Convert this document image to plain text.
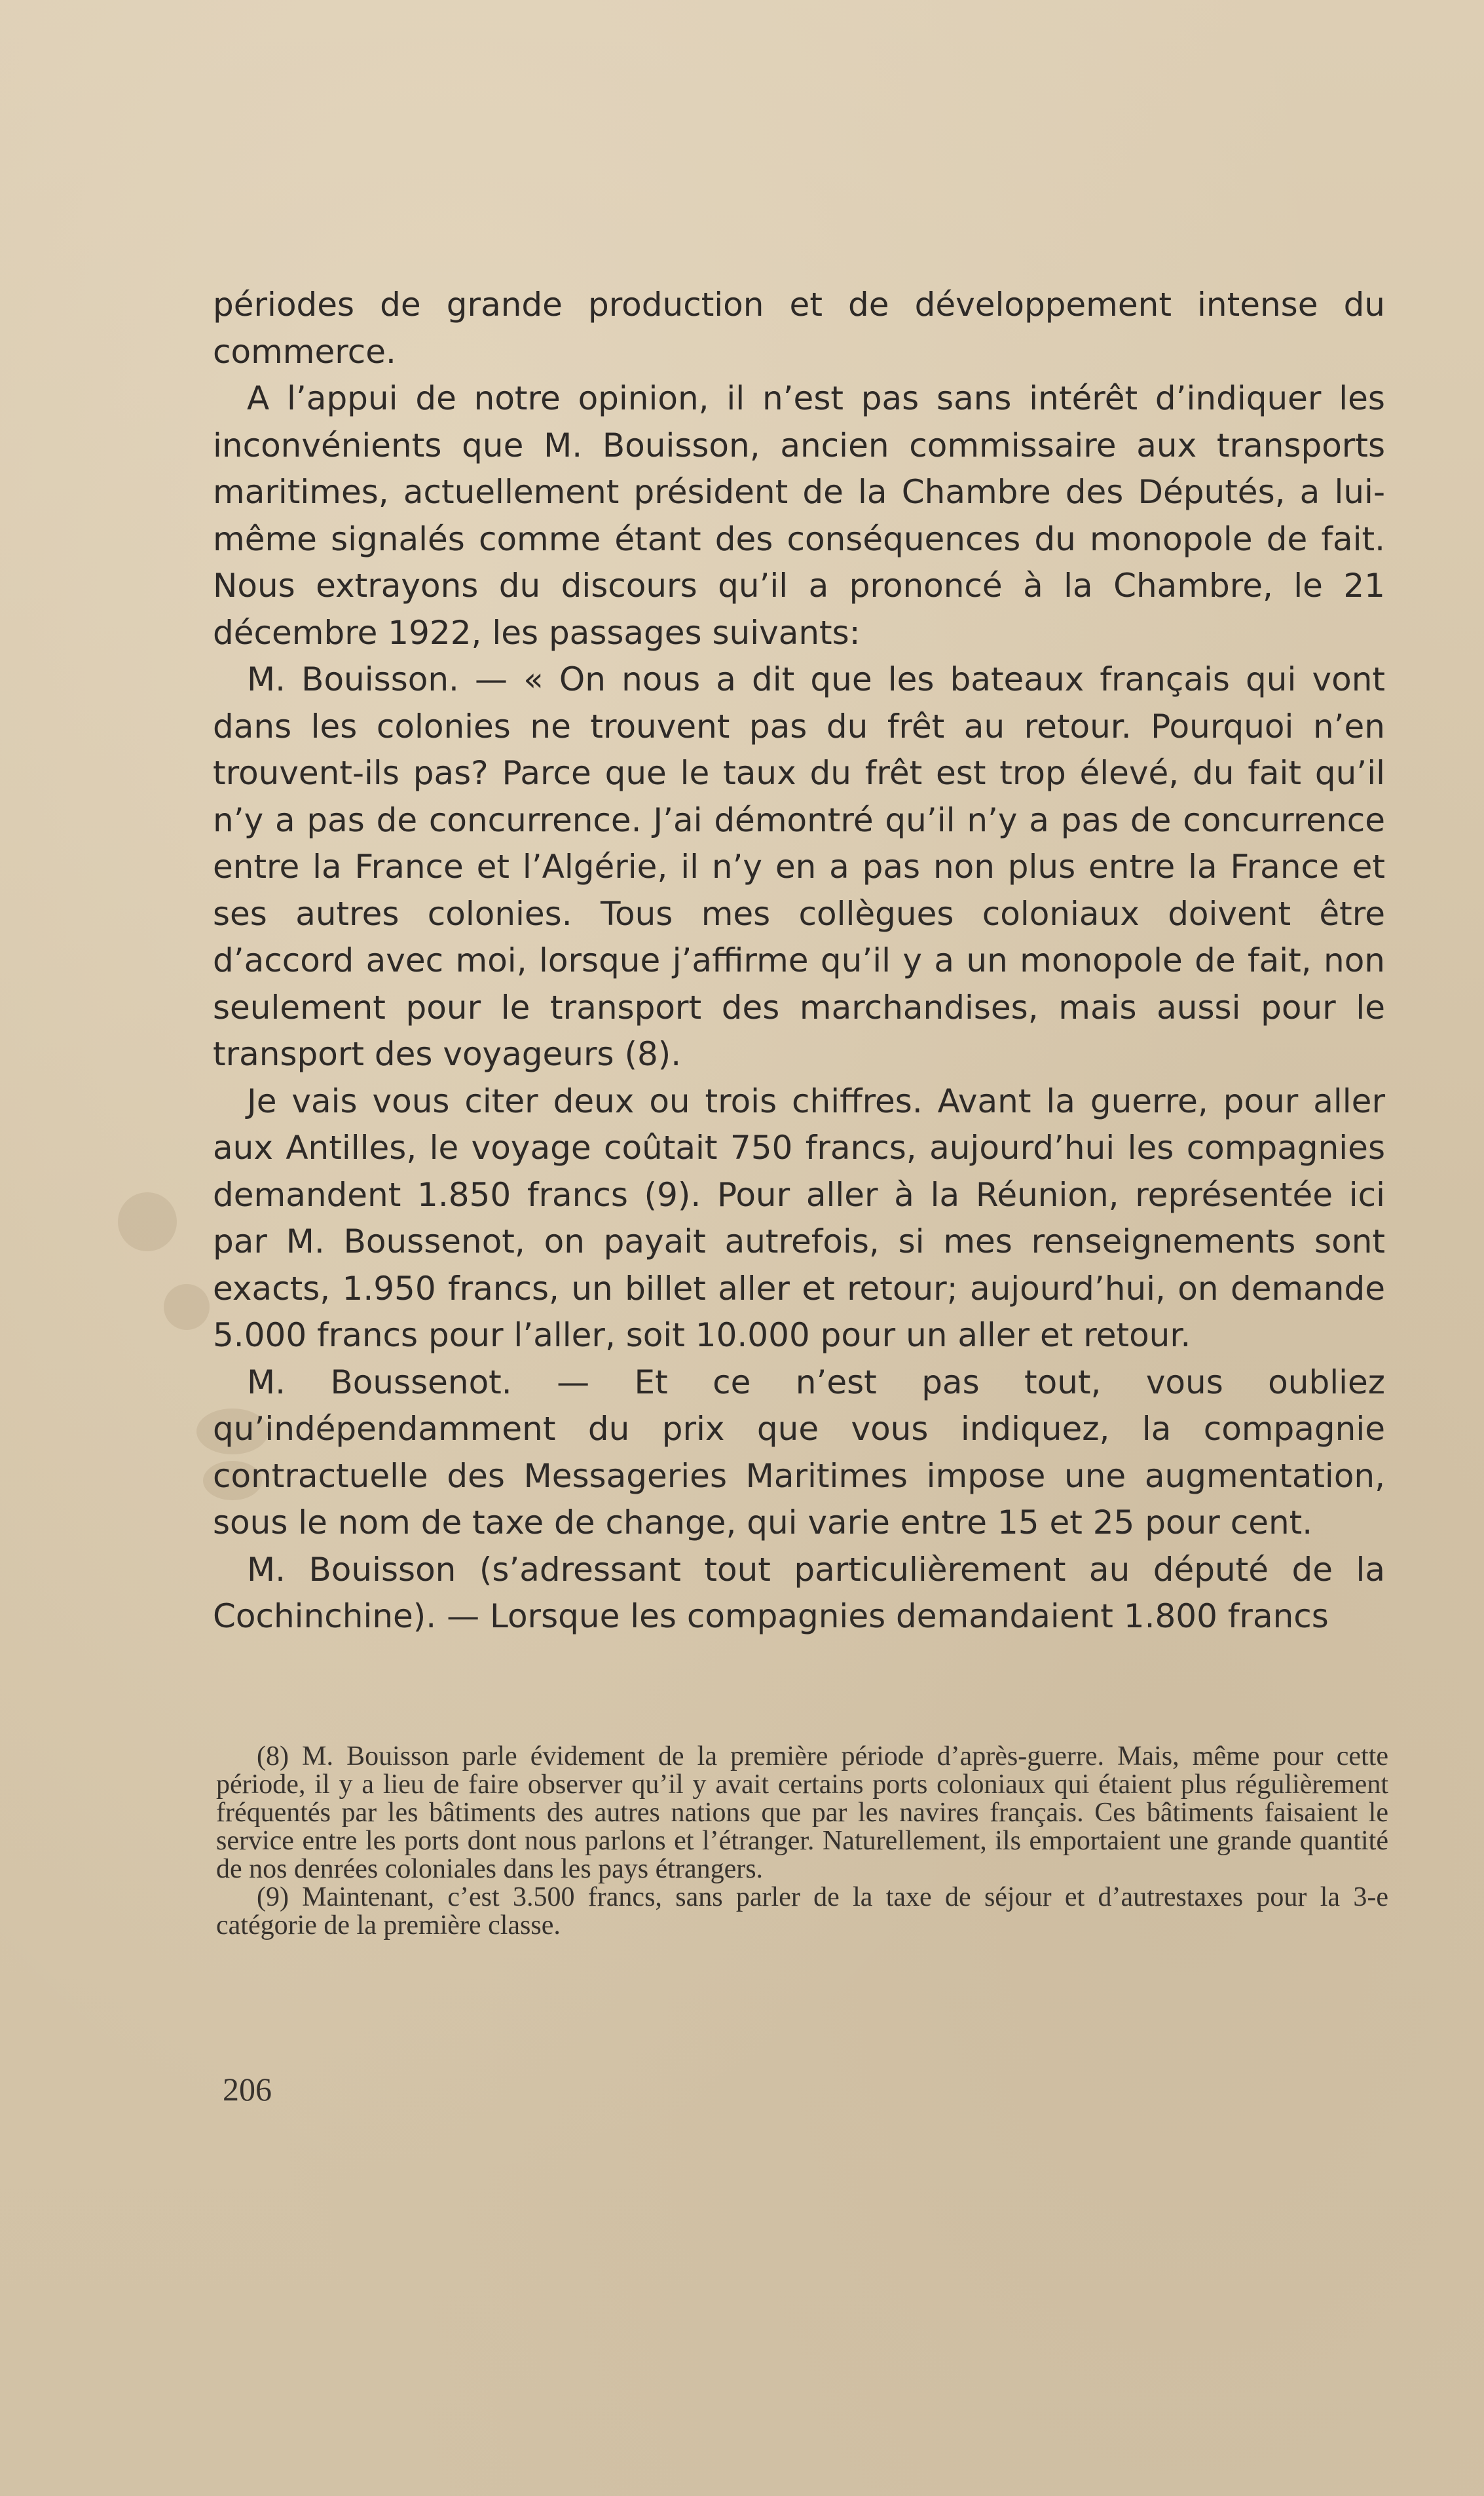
périodes de grande production et de développement intense du commerce.

A l’appui de notre opinion, il n’est pas sans intérêt d’indiquer les inconvénients que M. Bouisson, ancien commissaire aux transports maritimes, actuellement président de la Chambre des Députés, a lui-même signalés comme étant des conséquences du monopole de fait. Nous extrayons du discours qu’il a prononcé à la Chambre, le 21 décembre 1922, les passages suivants:

M. Bouisson. — « On nous a dit que les bateaux français qui vont dans les colonies ne trouvent pas du frêt au retour. Pourquoi n’en trouvent-ils pas? Parce que le taux du frêt est trop élevé, du fait qu’il n’y a pas de concurrence. J’ai démontré qu’il n’y a pas de concurrence entre la France et l’Algérie, il n’y en a pas non plus entre la France et ses autres colonies. Tous mes collègues coloniaux doivent être d’accord avec moi, lorsque j’affirme qu’il y a un monopole de fait, non seulement pour le transport des marchandises, mais aussi pour le transport des voyageurs (8).

Je vais vous citer deux ou trois chiffres. Avant la guerre, pour aller aux Antilles, le voyage coûtait 750 francs, aujourd’hui les compagnies demandent 1.850 francs (9). Pour aller à la Réunion, représentée ici par M. Boussenot, on payait autrefois, si mes renseignements sont exacts, 1.950 francs, un billet aller et retour; aujourd’hui, on demande 5.000 francs pour l’aller, soit 10.000 pour un aller et retour.

M. Boussenot. — Et ce n’est pas tout, vous oubliez qu’indépendamment du prix que vous indiquez, la compagnie contractuelle des Messageries Maritimes impose une augmentation, sous le nom de taxe de change, qui varie entre 15 et 25 pour cent.

M. Bouisson (s’adressant tout particulièrement au député de la Cochinchine). — Lorsque les compagnies demandaient 1.800 francs

(8) M. Bouisson parle évidement de la première période d’après-guerre. Mais, même pour cette période, il y a lieu de faire observer qu’il y avait certains ports coloniaux qui étaient plus régulièrement fréquentés par les bâtiments des autres nations que par les navires français. Ces bâtiments faisaient le service entre les ports dont nous parlons et l’étranger. Naturellement, ils emportaient une grande quantité de nos denrées coloniales dans les pays étrangers.

(9) Maintenant, c’est 3.500 francs, sans parler de la taxe de séjour et d’autrestaxes pour la 3-e catégorie de la première classe.

206
